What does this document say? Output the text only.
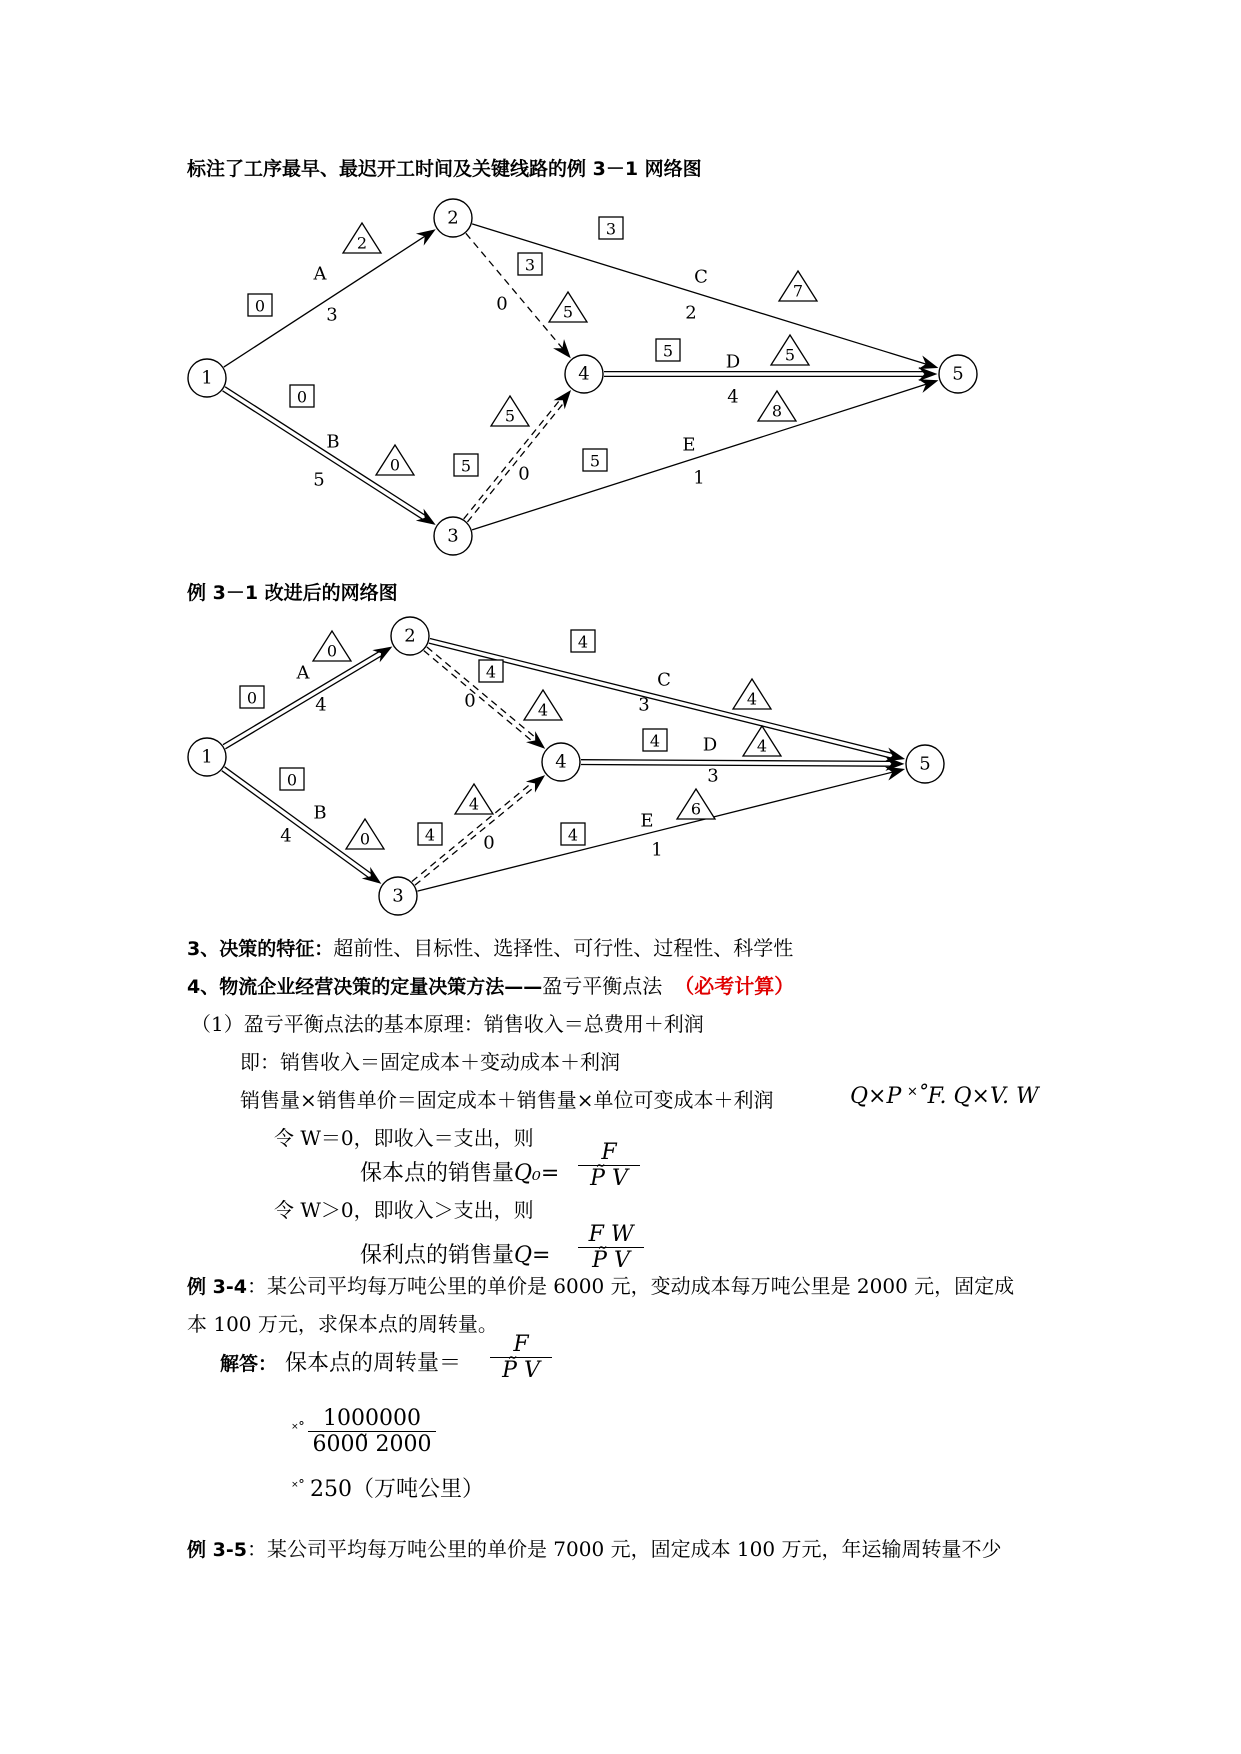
标注了工序最早、最迟开工时间及关键线路的例 3－1 网络图
1
2
3
4	5
A
3
0
2
B
5
0
0
C
2
3
7
D
4
5	5
E
1
5
8
0
3
5
0
5
5
例 3－1 改进后的网络图
1
2
3
4	5
A
4
0
0
B
4
0
0
C
3
4
4
D
3
4	4
E
1
4
6
0
4
4
0
4
4
3、决策的特征：超前性、目标性、选择性、可行性、过程性、科学性
4、物流企业经营决策的定量决策方法——盈亏平衡点法 （必考计算）
（1）盈亏平衡点法的基本原理：销售收入＝总费用＋利润
即：销售收入＝固定成本＋变动成本＋利润
销售量×销售单价＝固定成本＋销售量×单位可变成本＋利润	Q×P ˟˚F. Q×V. W
令 W＝0，即收入＝支出，则
保本点的销售量$Q_0= \frac{F}{P̃ V}$
令 W＞0，即收入＞支出，则
保利点的销售量$Q= \frac{\text{F W}}{P̃ V}$
例 3-4：某公司平均每万吨公里的单价是 6000 元，变动成本每万吨公里是 2000 元，固定成
本 100 万元，求保本点的周转量。
解答： 保本点的周转量＝ $\frac{F}{P̃ V}$
˟˚ $\frac{1000000}{6000̃ 2000}$
˟˚ 250（万吨公里）
例 3-5：某公司平均每万吨公里的单价是 7000 元，固定成本 100 万元，年运输周转量不少
